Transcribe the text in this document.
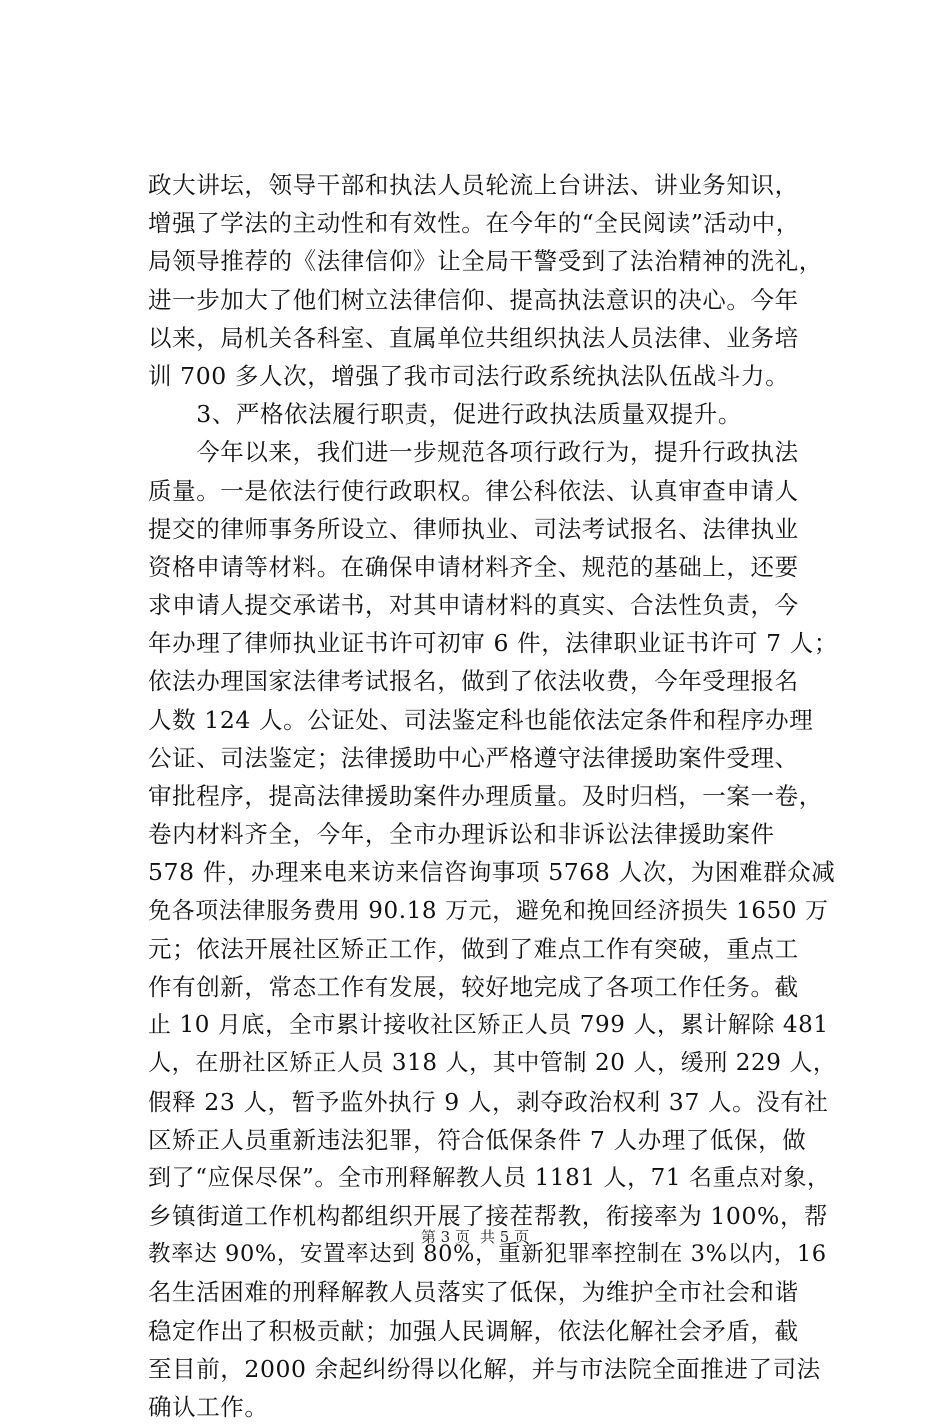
政大讲坛，领导干部和执法人员轮流上台讲法、讲业务知识，
增强了学法的主动性和有效性。在今年的“全民阅读”活动中，
局领导推荐的《法律信仰》让全局干警受到了法治精神的洗礼，
进一步加大了他们树立法律信仰、提高执法意识的决心。今年
以来，局机关各科室、直属单位共组织执法人员法律、业务培
训 700 多人次，增强了我市司法行政系统执法队伍战斗力。
　　3、严格依法履行职责，促进行政执法质量双提升。
　　今年以来，我们进一步规范各项行政行为，提升行政执法
质量。一是依法行使行政职权。律公科依法、认真审查申请人
提交的律师事务所设立、律师执业、司法考试报名、法律执业
资格申请等材料。在确保申请材料齐全、规范的基础上，还要
求申请人提交承诺书，对其申请材料的真实、合法性负责，今
年办理了律师执业证书许可初审 6 件，法律职业证书许可 7 人；
依法办理国家法律考试报名，做到了依法收费，今年受理报名
人数 124 人。公证处、司法鉴定科也能依法定条件和程序办理
公证、司法鉴定；法律援助中心严格遵守法律援助案件受理、
审批程序，提高法律援助案件办理质量。及时归档，一案一卷，
卷内材料齐全，今年，全市办理诉讼和非诉讼法律援助案件
578 件，办理来电来访来信咨询事项 5768 人次，为困难群众减
免各项法律服务费用 90.18 万元，避免和挽回经济损失 1650 万
元；依法开展社区矫正工作，做到了难点工作有突破，重点工
作有创新，常态工作有发展，较好地完成了各项工作任务。截
止 10 月底，全市累计接收社区矫正人员 799 人，累计解除 481
人，在册社区矫正人员 318 人，其中管制 20 人，缓刑 229 人，
假释 23 人，暂予监外执行 9 人，剥夺政治权利 37 人。没有社
区矫正人员重新违法犯罪，符合低保条件 7 人办理了低保，做
到了“应保尽保”。全市刑释解教人员 1181 人，71 名重点对象，
乡镇街道工作机构都组织开展了接茬帮教，衔接率为 100%，帮
教率达 90%，安置率达到 80%，重新犯罪率控制在 3%以内，16
名生活困难的刑释解教人员落实了低保，为维护全市社会和谐
稳定作出了积极贡献；加强人民调解，依法化解社会矛盾，截
至目前，2000 余起纠纷得以化解，并与市法院全面推进了司法
确认工作。
第 3 页 共 5 页
